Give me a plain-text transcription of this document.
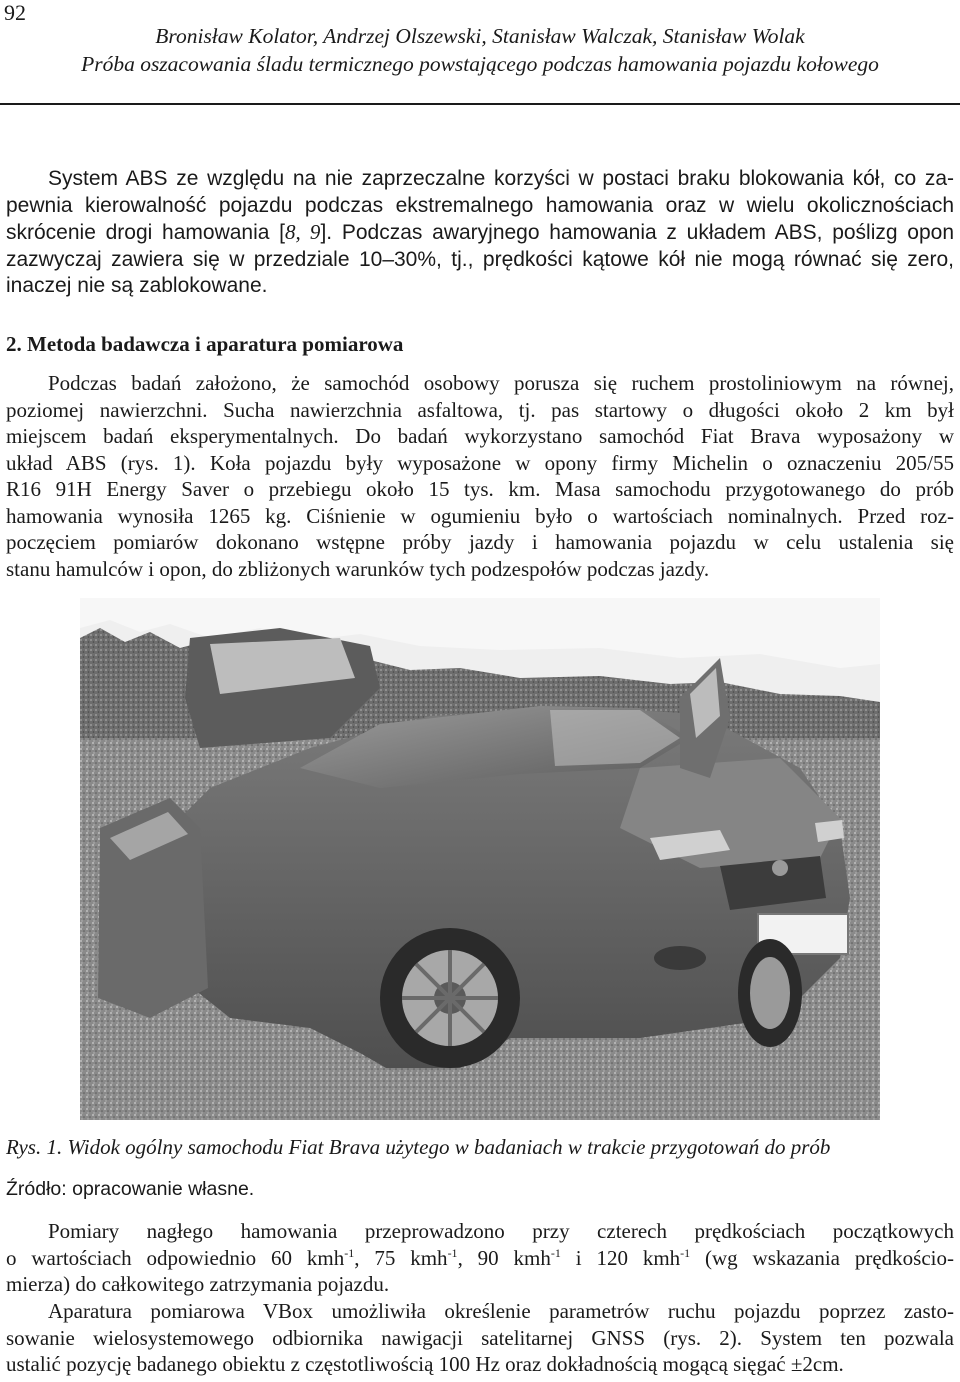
92
Bronisław Kolator, Andrzej Olszewski, Stanisław Walczak, Stanisław Wolak
Próba oszacowania śladu termicznego powstającego podczas hamowania pojazdu kołowego
System ABS ze względu na nie zaprzeczalne korzyści w postaci braku blokowania kół, co za-
pewnia kierowalność pojazdu podczas ekstremalnego hamowania oraz w wielu okolicznościach
skrócenie drogi hamowania [8, 9]. Podczas awaryjnego hamowania z układem ABS, poślizg opon
zazwyczaj zawiera się w przedziale 10–30%, tj., prędkości kątowe kół nie mogą równać się zero,
inaczej nie są zablokowane.
2. Metoda badawcza i aparatura pomiarowa
Podczas badań założono, że samochód osobowy porusza się ruchem prostoliniowym na równej,
poziomej nawierzchni. Sucha nawierzchnia asfaltowa, tj. pas startowy o długości około 2 km był
miejscem badań eksperymentalnych. Do badań wykorzystano samochód Fiat Brava wyposażony w
układ ABS (rys. 1). Koła pojazdu były wyposażone w opony firmy Michelin o oznaczeniu 205/55
R16 91H Energy Saver o przebiegu około 15 tys. km. Masa samochodu przygotowanego do prób
hamowania wynosiła 1265 kg. Ciśnienie w ogumieniu było o wartościach nominalnych. Przed roz-
poczęciem pomiarów dokonano wstępne próby jazdy i hamowania pojazdu w celu ustalenia się
stanu hamulców i opon, do zbliżonych warunków tych podzespołów podczas jazdy.
Rys. 1. Widok ogólny samochodu Fiat Brava użytego w badaniach w trakcie przygotowań do prób
Źródło: opracowanie własne.
Pomiary nagłego hamowania przeprowadzono przy czterech prędkościach początkowych
o wartościach odpowiednio 60 kmh$^{-1}$, 75 kmh$^{-1}$, 90 kmh$^{-1}$ i 120 kmh$^{-1}$ (wg wskazania prędkościo-
mierza) do całkowitego zatrzymania pojazdu.
Aparatura pomiarowa VBox umożliwiła określenie parametrów ruchu pojazdu poprzez zasto-
sowanie wielosystemowego odbiornika nawigacji satelitarnej GNSS (rys. 2). System ten pozwala
ustalić pozycję badanego obiektu z częstotliwością 100 Hz oraz dokładnością mogącą sięgać ±2cm.
